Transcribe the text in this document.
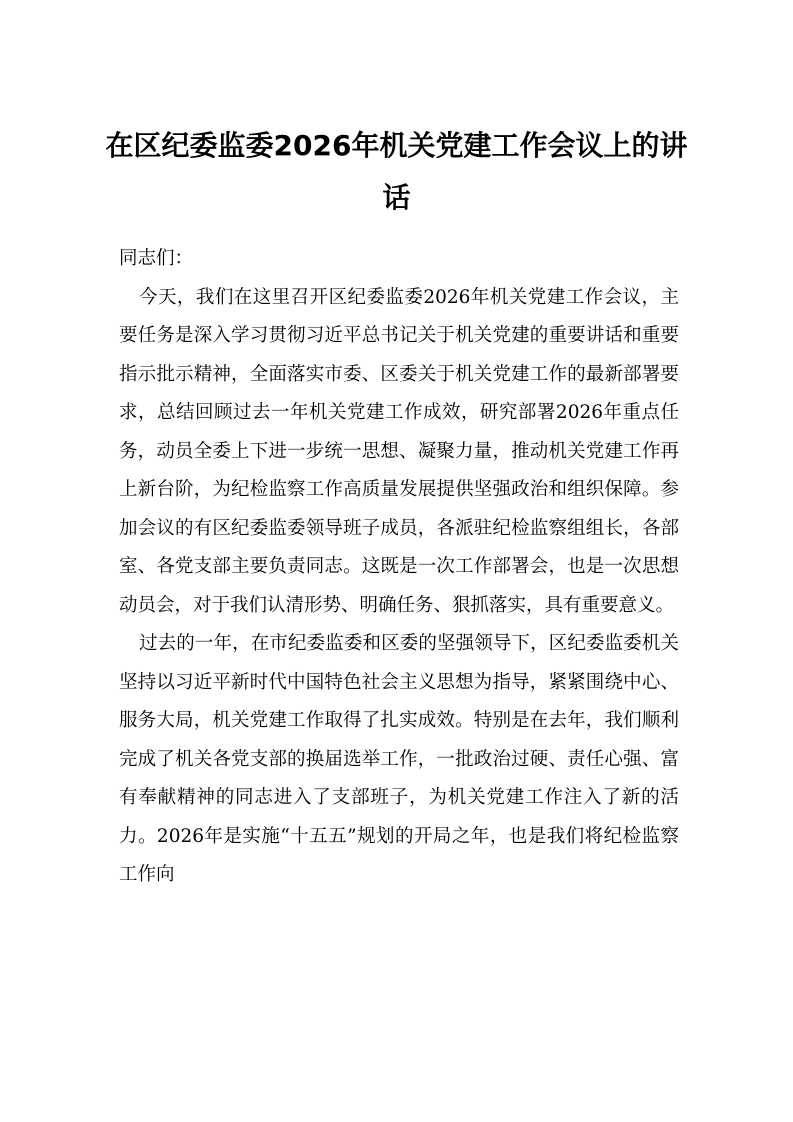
在区纪委监委2026年机关党建工作会议上的讲话

同志们：

今天，我们在这里召开区纪委监委2026年机关党建工作会议，主要任务是深入学习贯彻习近平总书记关于机关党建的重要讲话和重要指示批示精神，全面落实市委、区委关于机关党建工作的最新部署要求，总结回顾过去一年机关党建工作成效，研究部署2026年重点任务，动员全委上下进一步统一思想、凝聚力量，推动机关党建工作再上新台阶，为纪检监察工作高质量发展提供坚强政治和组织保障。参加会议的有区纪委监委领导班子成员，各派驻纪检监察组组长，各部室、各党支部主要负责同志。这既是一次工作部署会，也是一次思想动员会，对于我们认清形势、明确任务、狠抓落实，具有重要意义。

过去的一年，在市纪委监委和区委的坚强领导下，区纪委监委机关坚持以习近平新时代中国特色社会主义思想为指导，紧紧围绕中心、服务大局，机关党建工作取得了扎实成效。特别是在去年，我们顺利完成了机关各党支部的换届选举工作，一批政治过硬、责任心强、富有奉献精神的同志进入了支部班子，为机关党建工作注入了新的活力。2026年是实施“十五五”规划的开局之年，也是我们将纪检监察工作向
